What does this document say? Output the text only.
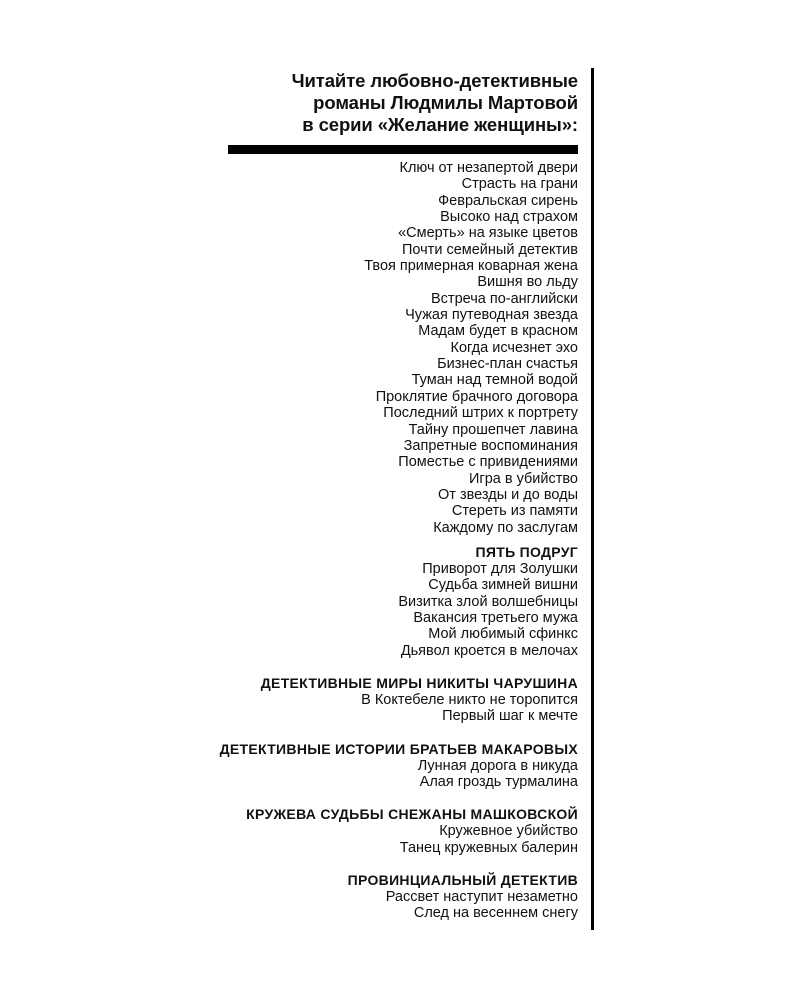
Читайте любовно-детективные
романы Людмилы Мартовой
в серии «Желание женщины»:
Ключ от незапертой двери
Страсть на грани
Февральская сирень
Высоко над страхом
«Смерть» на языке цветов
Почти семейный детектив
Твоя примерная коварная жена
Вишня во льду
Встреча по-английски
Чужая путеводная звезда
Мадам будет в красном
Когда исчезнет эхо
Бизнес-план счастья
Туман над темной водой
Проклятие брачного договора
Последний штрих к портрету
Тайну прошепчет лавина
Запретные воспоминания
Поместье с привидениями
Игра в убийство
От звезды и до воды
Стереть из памяти
Каждому по заслугам
ПЯТЬ ПОДРУГ
Приворот для Золушки
Судьба зимней вишни
Визитка злой волшебницы
Вакансия третьего мужа
Мой любимый сфинкс
Дьявол кроется в мелочах
ДЕТЕКТИВНЫЕ МИРЫ НИКИТЫ ЧАРУШИНА
В Коктебеле никто не торопится
Первый шаг к мечте
ДЕТЕКТИВНЫЕ ИСТОРИИ БРАТЬЕВ МАКАРОВЫХ
Лунная дорога в никуда
Алая гроздь турмалина
КРУЖЕВА СУДЬБЫ СНЕЖАНЫ МАШКОВСКОЙ
Кружевное убийство
Танец кружевных балерин
ПРОВИНЦИАЛЬНЫЙ ДЕТЕКТИВ
Рассвет наступит незаметно
След на весеннем снегу
